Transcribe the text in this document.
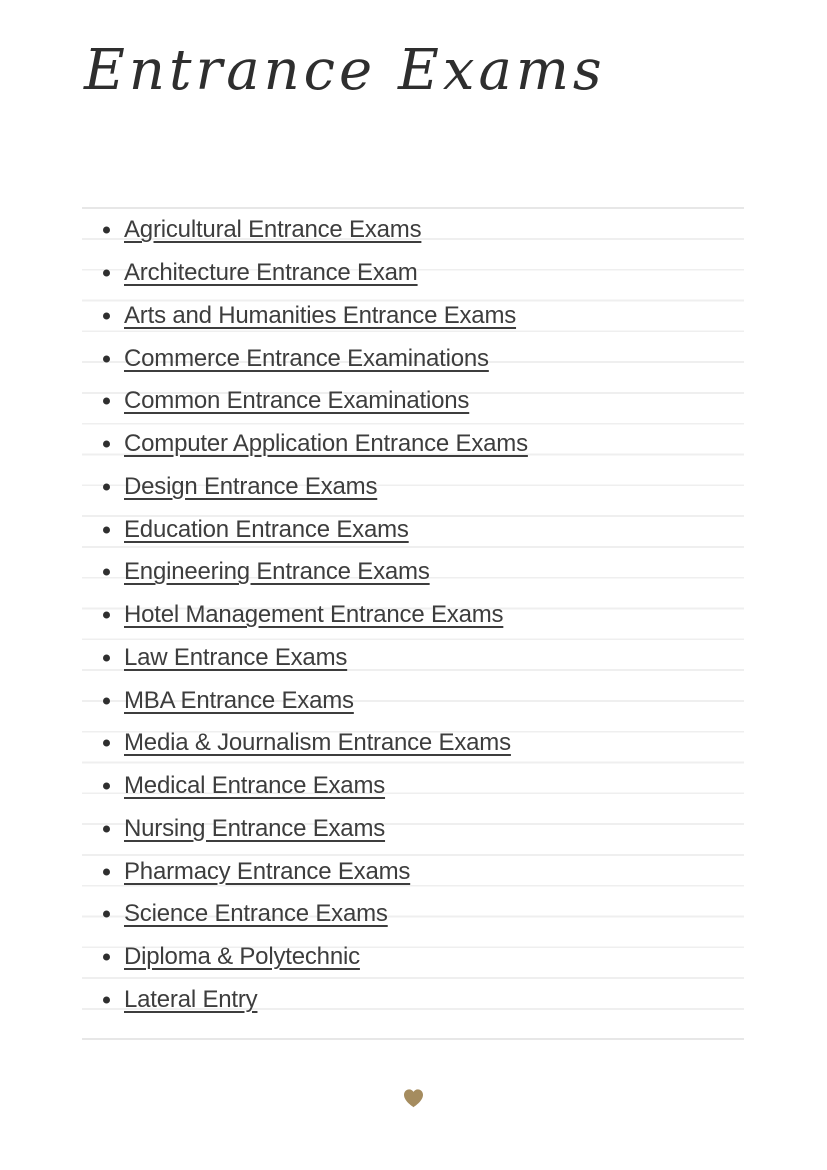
Entrance Exams
Agricultural Entrance Exams
Architecture Entrance Exam
Arts and Humanities Entrance Exams
Commerce Entrance Examinations
Common Entrance Examinations
Computer Application Entrance Exams
Design Entrance Exams
Education Entrance Exams
Engineering Entrance Exams
Hotel Management Entrance Exams
Law Entrance Exams
MBA Entrance Exams
Media & Journalism Entrance Exams
Medical Entrance Exams
Nursing Entrance Exams
Pharmacy Entrance Exams
Science Entrance Exams
Diploma & Polytechnic
Lateral Entry
